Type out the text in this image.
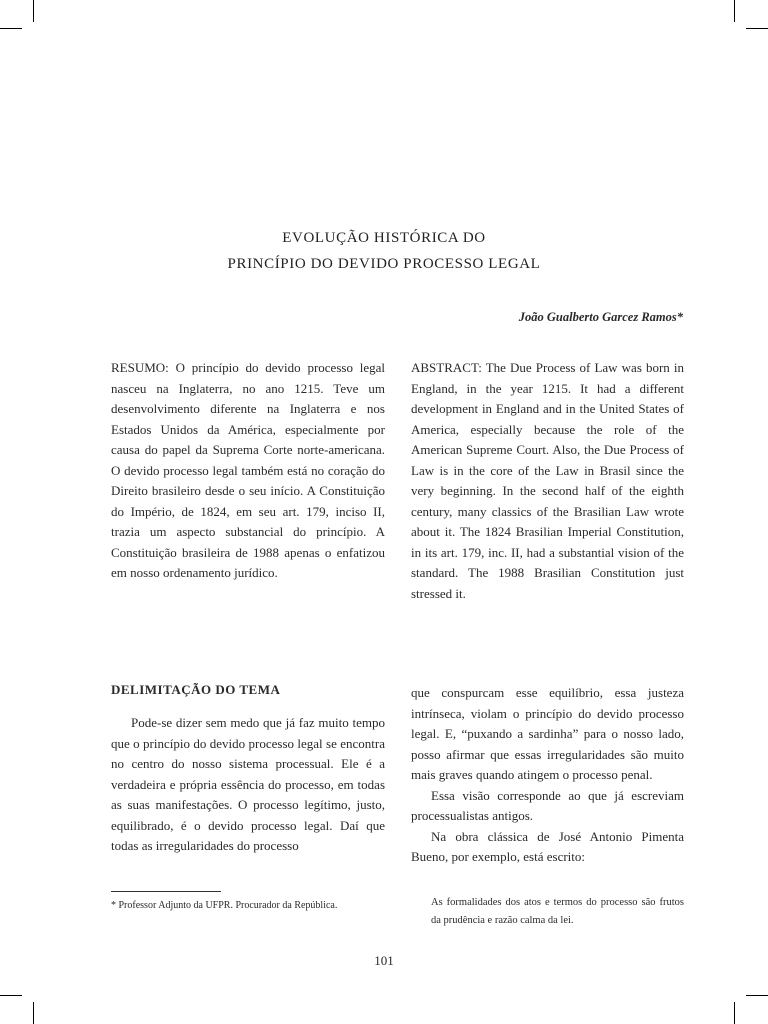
EVOLUÇÃO HISTÓRICA DO
PRINCÍPIO DO DEVIDO PROCESSO LEGAL
João Gualberto Garcez Ramos*

RESUMO: O princípio do devido processo legal nasceu na Inglaterra, no ano 1215. Teve um desenvolvimento diferente na Inglaterra e nos Estados Unidos da América, especialmente por causa do papel da Suprema Corte norte-americana. O devido processo legal também está no coração do Direito brasileiro desde o seu início. A Constituição do Império, de 1824, em seu art. 179, inciso II, trazia um aspecto substancial do princípio. A Constituição brasileira de 1988 apenas o enfatizou em nosso ordenamento jurídico.

ABSTRACT: The Due Process of Law was born in England, in the year 1215. It had a different development in England and in the United States of America, especially because the role of the American Supreme Court. Also, the Due Process of Law is in the core of the Law in Brasil since the very beginning. In the second half of the eighth century, many classics of the Brasilian Law wrote about it. The 1824 Brasilian Imperial Constitution, in its art. 179, inc. II, had a substantial vision of the standard. The 1988 Brasilian Constitution just stressed it.

DELIMITAÇÃO DO TEMA

Pode-se dizer sem medo que já faz muito tempo que o princípio do devido processo legal se encontra no centro do nosso sistema processual. Ele é a verdadeira e própria essência do processo, em todas as suas manifestações. O processo legítimo, justo, equilibrado, é o devido processo legal. Daí que todas as irregularidades do processo

que conspurcam esse equilíbrio, essa justeza intrínseca, violam o princípio do devido processo legal. E, “puxando a sardinha” para o nosso lado, posso afirmar que essas irregularidades são muito mais graves quando atingem o processo penal.

Essa visão corresponde ao que já escreviam processualistas antigos.

Na obra clássica de José Antonio Pimenta Bueno, por exemplo, está escrito:

* Professor Adjunto da UFPR. Procurador da República.	As formalidades dos atos e termos do processo são frutos da prudência e razão calma da lei.
101
